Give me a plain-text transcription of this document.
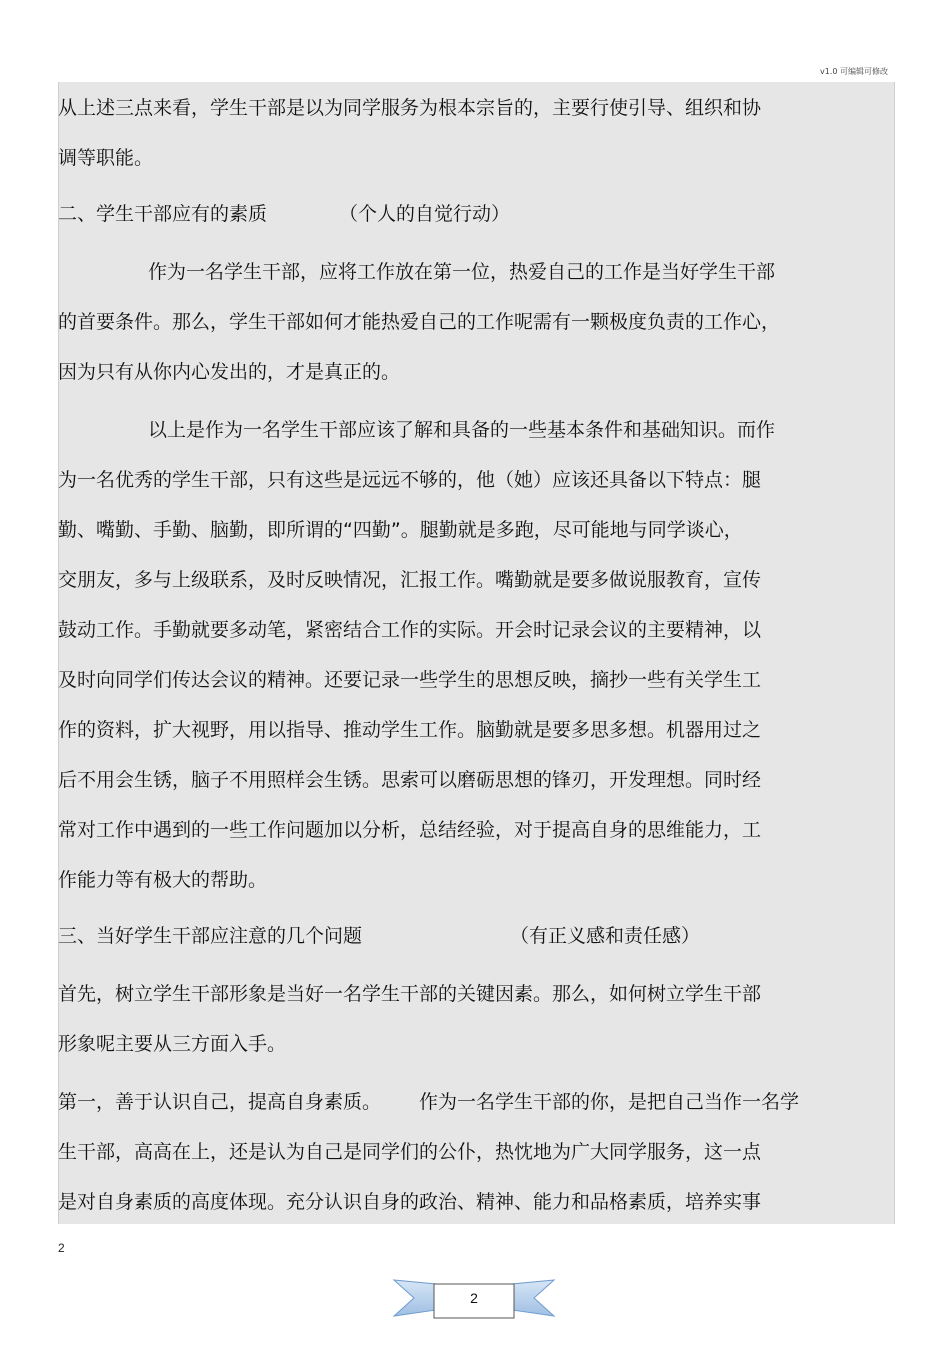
v1.0 可编辑可修改
从上述三点来看，学生干部是以为同学服务为根本宗旨的，主要行使引导、组织和协
调等职能。
二、学生干部应有的素质	（个人的自觉行动）
作为一名学生干部，应将工作放在第一位，热爱自己的工作是当好学生干部
的首要条件。那么，学生干部如何才能热爱自己的工作呢需有一颗极度负责的工作心，
因为只有从你内心发出的，才是真正的。
以上是作为一名学生干部应该了解和具备的一些基本条件和基础知识。而作
为一名优秀的学生干部，只有这些是远远不够的，他（她）应该还具备以下特点：腿
勤、嘴勤、手勤、脑勤，即所谓的“四勤”。腿勤就是多跑，尽可能地与同学谈心，
交朋友，多与上级联系，及时反映情况，汇报工作。嘴勤就是要多做说服教育，宣传
鼓动工作。手勤就要多动笔，紧密结合工作的实际。开会时记录会议的主要精神，以
及时向同学们传达会议的精神。还要记录一些学生的思想反映，摘抄一些有关学生工
作的资料，扩大视野，用以指导、推动学生工作。脑勤就是要多思多想。机器用过之
后不用会生锈，脑子不用照样会生锈。思索可以磨砺思想的锋刃，开发理想。同时经
常对工作中遇到的一些工作问题加以分析，总结经验，对于提高自身的思维能力，工
作能力等有极大的帮助。
三、当好学生干部应注意的几个问题	（有正义感和责任感）
首先，树立学生干部形象是当好一名学生干部的关键因素。那么，如何树立学生干部
形象呢主要从三方面入手。
第一，善于认识自己，提高自身素质。 作为一名学生干部的你，是把自己当作一名学
生干部，高高在上，还是认为自己是同学们的公仆，热忱地为广大同学服务，这一点
是对自身素质的高度体现。充分认识自身的政治、精神、能力和品格素质，培养实事
2
2
